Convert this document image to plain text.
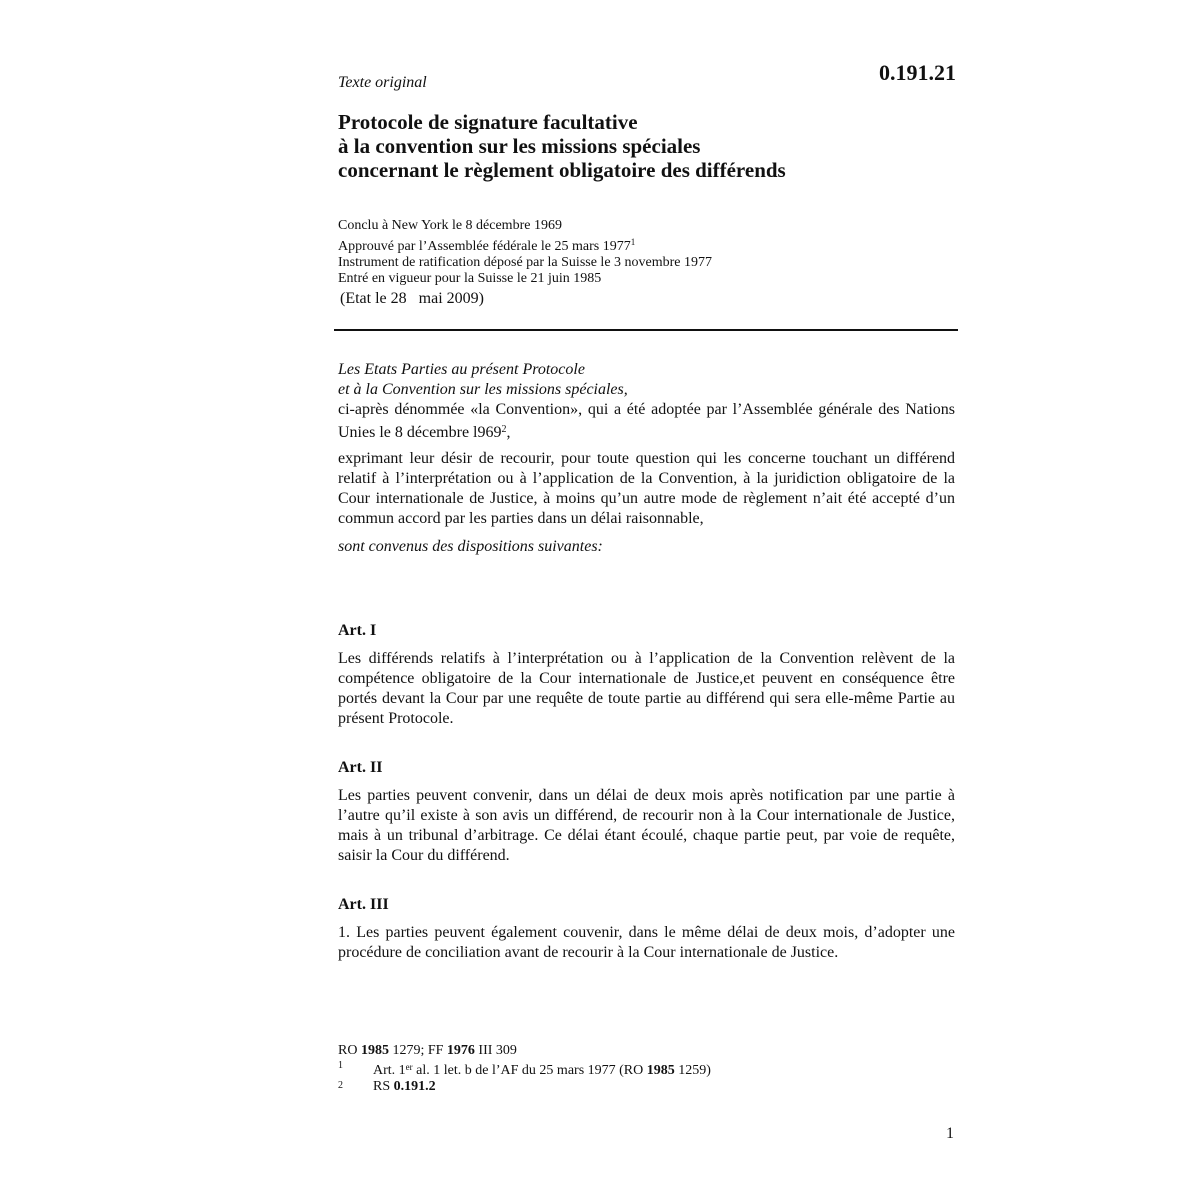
Texte original	0.191.21
Protocole de signature facultative
à la convention sur les missions spéciales
concernant le règlement obligatoire des différends
Conclu à New York le 8 décembre 1969
Approuvé par l’Assemblée fédérale le 25 mars 1977$^1$
Instrument de ratification déposé par la Suisse le 3 novembre 1977
Entré en vigueur pour la Suisse le 21 juin 1985
(Etat le 28   mai 2009)
Les Etats Parties au présent Protocole
et à la Convention sur les missions spéciales,
ci-après dénommée «la Convention», qui a été adoptée par l’Assemblée générale des Nations Unies le 8 décembre $l969^2$,
exprimant leur désir de recourir, pour toute question qui les concerne touchant un différend relatif à l’interprétation ou à l’application de la Convention, à la juridiction obligatoire de la Cour internationale de Justice, à moins qu’un autre mode de règlement n’ait été accepté d’un commun accord par les parties dans un délai raisonnable,
sont convenus des dispositions suivantes:
Art. I
Les différends relatifs à l’interprétation ou à l’application de la Convention relèvent de la compétence obligatoire de la Cour internationale de Justice,et peuvent en conséquence être portés devant la Cour par une requête de toute partie au différend qui sera elle-même Partie au présent Protocole.
Art. II
Les parties peuvent convenir, dans un délai de deux mois après notification par une partie à l’autre qu’il existe à son avis un différend, de recourir non à la Cour internationale de Justice, mais à un tribunal d’arbitrage. Ce délai étant écoulé, chaque partie peut, par voie de requête, saisir la Cour du différend.
Art. III
1. Les parties peuvent également couvenir, dans le même délai de deux mois, d’adopter une procédure de conciliation avant de recourir à la Cour internationale de Justice.
RO 1985 1279; FF 1976 III 309
1	Art. 1er al. 1 let. b de l’AF du 25 mars 1977 (RO 1985 1259)
2	RS 0.191.2
1
